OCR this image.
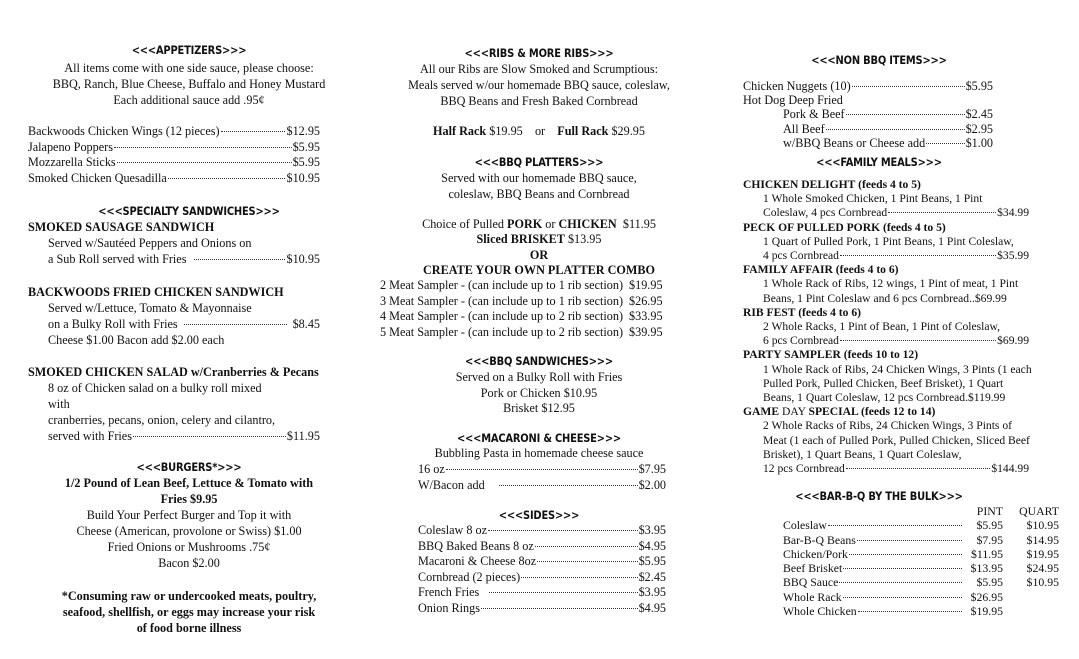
<<<APPETIZERS>>>
All items come with one side sauce, please choose:
BBQ, Ranch, Blue Cheese, Buffalo and Honey Mustard
Each additional sauce add .95¢
Backwoods Chicken Wings (12 pieces)	$12.95
Jalapeno Poppers	$5.95
Mozzarella Sticks	$5.95
Smoked Chicken Quesadilla	$10.95
<<<SPECIALTY SANDWICHES>>>
SMOKED SAUSAGE SANDWICH
Served w/Sautéed Peppers and Onions on
a Sub Roll served with Fries	$10.95
BACKWOODS FRIED CHICKEN SANDWICH
Served w/Lettuce, Tomato & Mayonnaise
on a Bulky Roll with Fries	$8.45
Cheese $1.00 Bacon add $2.00 each
SMOKED CHICKEN SALAD w/Cranberries & Pecans
8 oz of Chicken salad on a bulky roll mixed
with
cranberries, pecans, onion, celery and cilantro,
served with Fries	$11.95
<<<BURGERS*>>>
1/2 Pound of Lean Beef, Lettuce & Tomato with
Fries $9.95
Build Your Perfect Burger and Top it with
Cheese (American, provolone or Swiss) $1.00
Fried Onions or Mushrooms .75¢
Bacon $2.00
*Consuming raw or undercooked meats, poultry,
seafood, shellfish, or eggs may increase your risk
of food borne illness
<<<RIBS & MORE RIBS>>>
All our Ribs are Slow Smoked and Scrumptious:
Meals served w/our homemade BBQ sauce, coleslaw,
BBQ Beans and Fresh Baked Cornbread
Half Rack $19.95 or Full Rack $29.95
<<<BBQ PLATTERS>>>
Served with our homemade BBQ sauce,
coleslaw, BBQ Beans and Cornbread
Choice of Pulled PORK or CHICKEN  $11.95
Sliced BRISKET $13.95
OR
CREATE YOUR OWN PLATTER COMBO
2 Meat Sampler - (can include up to 1 rib section) $19.95
3 Meat Sampler - (can include up to 1 rib section) $26.95
4 Meat Sampler - (can include up to 2 rib section) $33.95
5 Meat Sampler - (can include up to 2 rib section) $39.95
<<<BBQ SANDWICHES>>>
Served on a Bulky Roll with Fries
Pork or Chicken $10.95
Brisket $12.95
<<<MACARONI & CHEESE>>>
Bubbling Pasta in homemade cheese sauce
16 oz	$7.95
W/Bacon add	$2.00
<<<SIDES>>>
Coleslaw 8 oz	$3.95
BBQ Baked Beans 8 oz	$4.95
Macaroni & Cheese 8oz	$5.95
Cornbread (2 pieces)	$2.45
French Fries	$3.95
Onion Rings	$4.95
<<<NON BBQ ITEMS>>>
Chicken Nuggets (10)	$5.95
Hot Dog Deep Fried
Pork & Beef	$2.45
All Beef	$2.95
w/BBQ Beans or Cheese add	$1.00
<<<FAMILY MEALS>>>
CHICKEN DELIGHT (feeds 4 to 5)
1 Whole Smoked Chicken, 1 Pint Beans, 1 Pint
Coleslaw, 4 pcs Cornbread	$34.99
PECK OF PULLED PORK (feeds 4 to 5)
1 Quart of Pulled Pork, 1 Pint Beans, 1 Pint Coleslaw,
4 pcs Cornbread	$35.99
FAMILY AFFAIR (feeds 4 to 6)
1 Whole Rack of Ribs, 12 wings, 1 Pint of meat, 1 Pint
Beans, 1 Pint Coleslaw and 6 pcs Cornbread..$69.99
RIB FEST (feeds 4 to 6)
2 Whole Racks, 1 Pint of Bean, 1 Pint of Coleslaw,
6 pcs Cornbread	$69.99
PARTY SAMPLER (feeds 10 to 12)
1 Whole Rack of Ribs, 24 Chicken Wings, 3 Pints (1 each
Pulled Pork, Pulled Chicken, Beef Brisket), 1 Quart
Beans, 1 Quart Coleslaw, 12 pcs Cornbread.$119.99
GAME DAY SPECIAL (feeds 12 to 14)
2 Whole Racks of Ribs, 24 Chicken Wings, 3 Pints of
Meat (1 each of Pulled Pork, Pulled Chicken, Sliced Beef
Brisket), 1 Quart Beans, 1 Quart Coleslaw,
12 pcs Cornbread	$144.99
<<<BAR-B-Q BY THE BULK>>>
PINT	QUART
Coleslaw	$5.95	$10.95
Bar-B-Q Beans	$7.95	$14.95
Chicken/Pork	$11.95	$19.95
Beef Brisket	$13.95	$24.95
BBQ Sauce	$5.95	$10.95
Whole Rack	$26.95
Whole Chicken	$19.95
